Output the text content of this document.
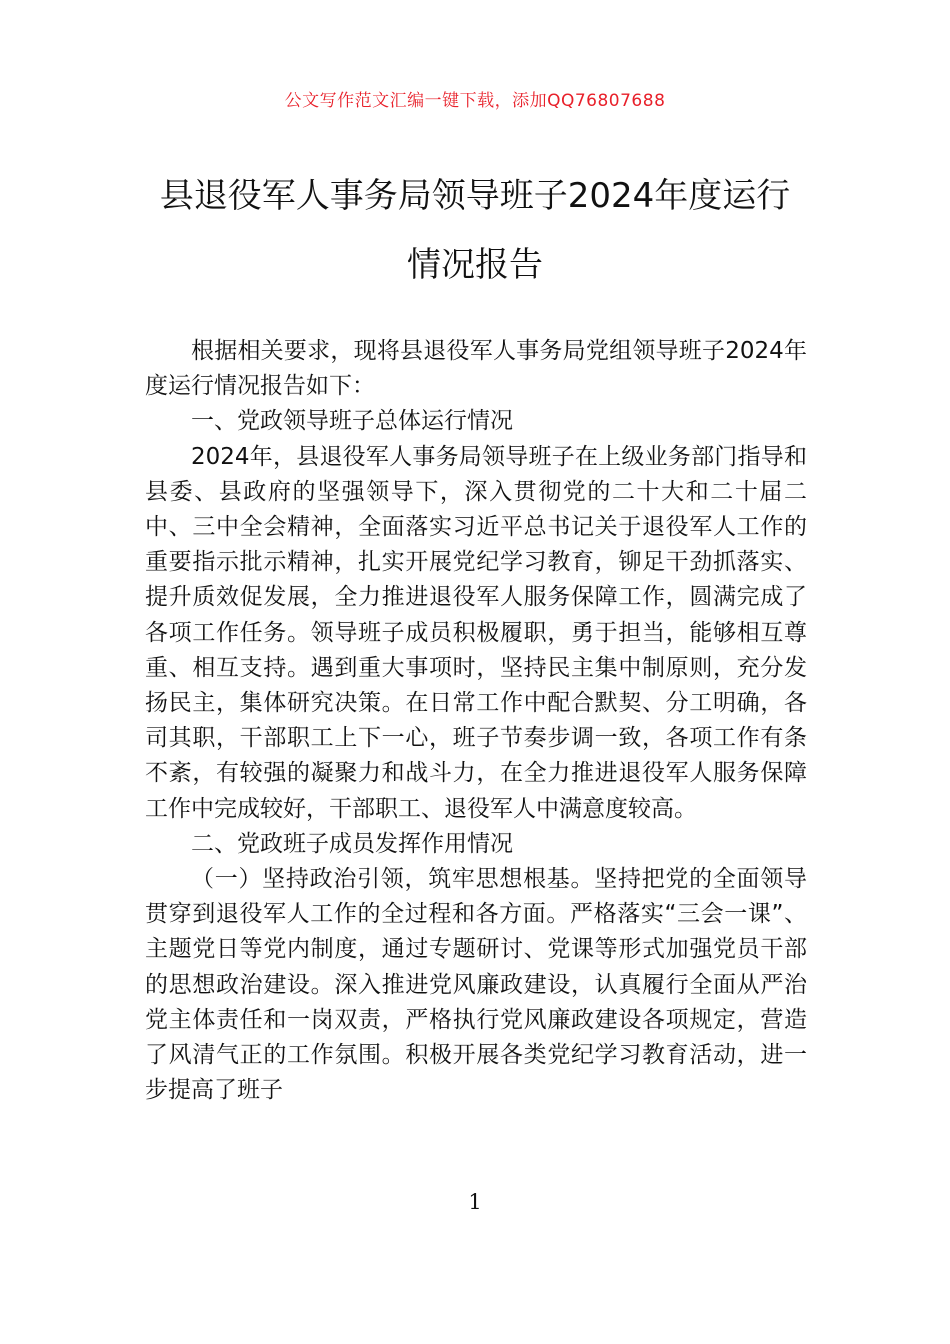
公文写作范文汇编一键下载，添加QQ76807688
县退役军人事务局领导班子2024年度运行
情况报告

根据相关要求，现将县退役军人事务局党组领导班子2024年度运行情况报告如下：

一、党政领导班子总体运行情况

2024年，县退役军人事务局领导班子在上级业务部门指导和县委、县政府的坚强领导下，深入贯彻党的二十大和二十届二中、三中全会精神，全面落实习近平总书记关于退役军人工作的重要指示批示精神，扎实开展党纪学习教育，铆足干劲抓落实、提升质效促发展，全力推进退役军人服务保障工作，圆满完成了各项工作任务。领导班子成员积极履职，勇于担当，能够相互尊重、相互支持。遇到重大事项时，坚持民主集中制原则，充分发扬民主，集体研究决策。在日常工作中配合默契、分工明确，各司其职，干部职工上下一心，班子节奏步调一致，各项工作有条不紊，有较强的凝聚力和战斗力，在全力推进退役军人服务保障工作中完成较好，干部职工、退役军人中满意度较高。

二、党政班子成员发挥作用情况

（一）坚持政治引领，筑牢思想根基。坚持把党的全面领导贯穿到退役军人工作的全过程和各方面。严格落实“三会一课”、主题党日等党内制度，通过专题研讨、党课等形式加强党员干部的思想政治建设。深入推进党风廉政建设，认真履行全面从严治党主体责任和一岗双责，严格执行党风廉政建设各项规定，营造了风清气正的工作氛围。积极开展各类党纪学习教育活动，进一步提高了班子

1
